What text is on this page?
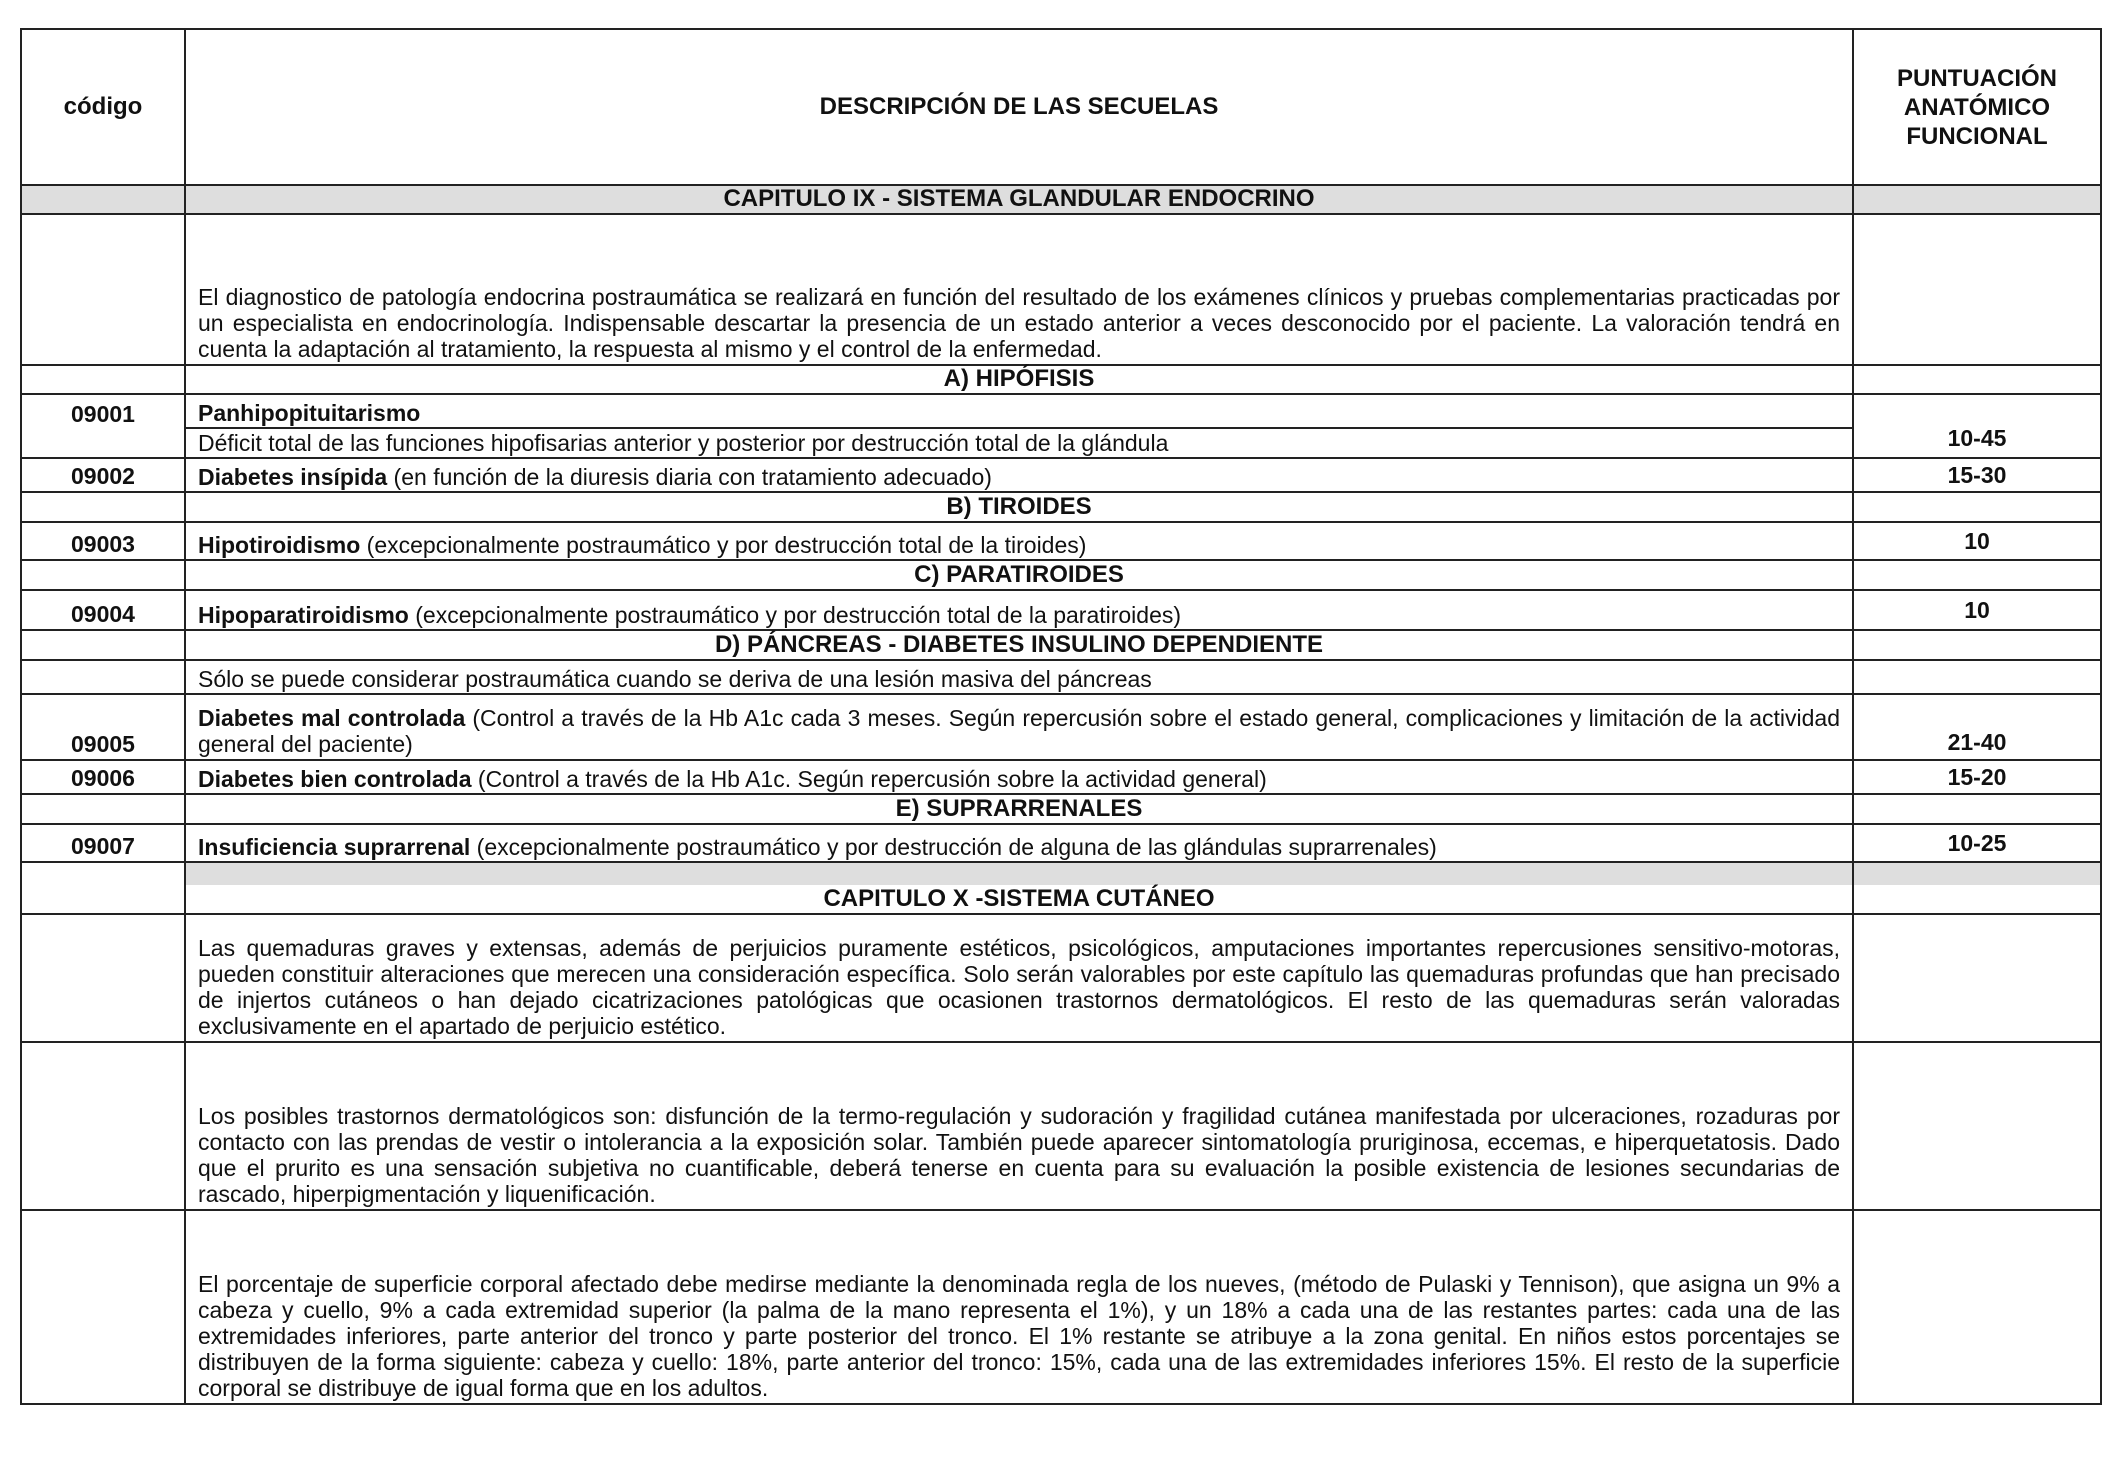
código	DESCRIPCIÓN DE LAS SECUELAS	PUNTUACIÓN
ANATÓMICO
FUNCIONAL

	CAPITULO IX - SISTEMA GLANDULAR ENDOCRINO	
	El diagnostico de patología endocrina postraumática se realizará en función del resultado de los exámenes clínicos y pruebas complementarias practicadas por un especialista en endocrinología. Indispensable descartar la presencia de un estado anterior a veces desconocido por el paciente. La valoración tendrá en cuenta la adaptación al tratamiento, la respuesta al mismo y el control de la enfermedad.	
	A) HIPÓFISIS	
09001	Panhipopituitarismo	10-45
	Déficit total de las funciones hipofisarias anterior y posterior por destrucción total de la glándula	
09002	Diabetes insípida (en función de la diuresis diaria con tratamiento adecuado)	15-30
	B) TIROIDES	
09003	Hipotiroidismo (excepcionalmente postraumático y por destrucción total de la tiroides)	10
	C) PARATIROIDES	
09004	Hipoparatiroidismo (excepcionalmente postraumático y por destrucción total de la paratiroides)	10
	D) PÁNCREAS - DIABETES INSULINO DEPENDIENTE	
	Sólo se puede considerar postraumática cuando se deriva de una lesión masiva del páncreas	
09005	Diabetes mal controlada (Control a través de la Hb A1c cada 3 meses. Según repercusión sobre el estado general, complicaciones y limitación de la actividad general del paciente)	21-40
09006	Diabetes bien controlada (Control a través de la Hb A1c. Según repercusión sobre la actividad general)	15-20
	E) SUPRARRENALES	
09007	Insuficiencia suprarrenal (excepcionalmente postraumático y por destrucción de alguna de las glándulas suprarrenales)	10-25
	CAPITULO X -SISTEMA CUTÁNEO	
	Las quemaduras graves y extensas, además de perjuicios puramente estéticos, psicológicos, amputaciones importantes repercusiones sensitivo-motoras, pueden constituir alteraciones que merecen una consideración específica. Solo serán valorables por este capítulo las quemaduras profundas que han precisado de injertos cutáneos o han dejado cicatrizaciones patológicas que ocasionen trastornos dermatológicos. El resto de las quemaduras serán valoradas exclusivamente en el apartado de perjuicio estético.	
	Los posibles trastornos dermatológicos son: disfunción de la termo-regulación y sudoración y fragilidad cutánea manifestada por ulceraciones, rozaduras por contacto con las prendas de vestir o intolerancia a la exposición solar. También puede aparecer sintomatología pruriginosa, eccemas, e hiperquetatosis. Dado que el prurito es una sensación subjetiva no cuantificable, deberá tenerse en cuenta para su evaluación la posible existencia de lesiones secundarias de rascado, hiperpigmentación y liquenificación.	
	El porcentaje de superficie corporal afectado debe medirse mediante la denominada regla de los nueves, (método de Pulaski y Tennison), que asigna un 9% a cabeza y cuello, 9% a cada extremidad superior (la palma de la mano representa el 1%), y un 18% a cada una de las restantes partes: cada una de las extremidades inferiores, parte anterior del tronco y parte posterior del tronco. El 1% restante se atribuye a la zona genital. En niños estos porcentajes se distribuyen de la forma siguiente: cabeza y cuello: 18%, parte anterior del tronco: 15%, cada una de las extremidades inferiores 15%. El resto de la superficie corporal se distribuye de igual forma que en los adultos.	
